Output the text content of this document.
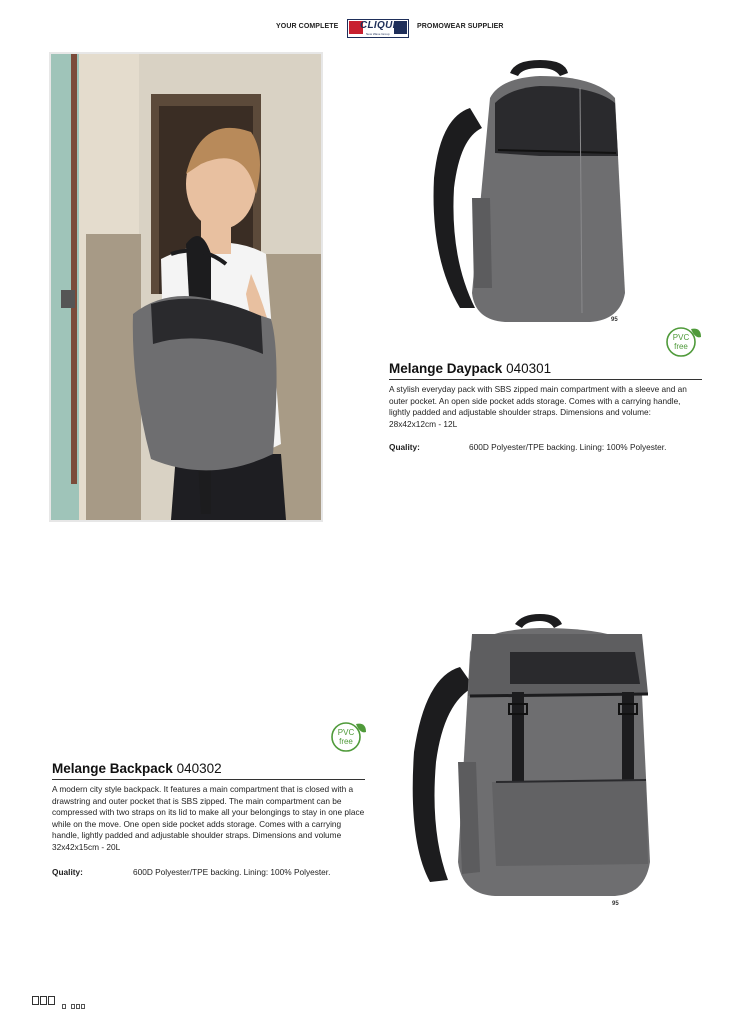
YOUR COMPLETE CLIQUE
New Wave Group
PROMOWEAR SUPPLIER
95
PVC
free
Melange Daypack 040301
A stylish everyday pack with SBS zipped main compartment with a sleeve and an outer pocket. An open side pocket adds storage. Comes with a carrying handle, lightly padded and adjustable shoulder straps. Dimensions and volume: 28x42x12cm - 12L
Quality:	600D Polyester/TPE backing. Lining: 100% Polyester.
PVC
free
Melange Backpack 040302
A modern city style backpack. It features a main compartment that is closed with a drawstring and outer pocket that is SBS zipped. The main compartment can be compressed with two straps on its lid to make all your belongings to stay in one place while on the move. One open side pocket adds storage. Comes with a carrying handle, lightly padded and adjustable shoulder straps. Dimensions and volume 32x42x15cm - 20L
Quality:	600D Polyester/TPE backing. Lining: 100% Polyester.
95
